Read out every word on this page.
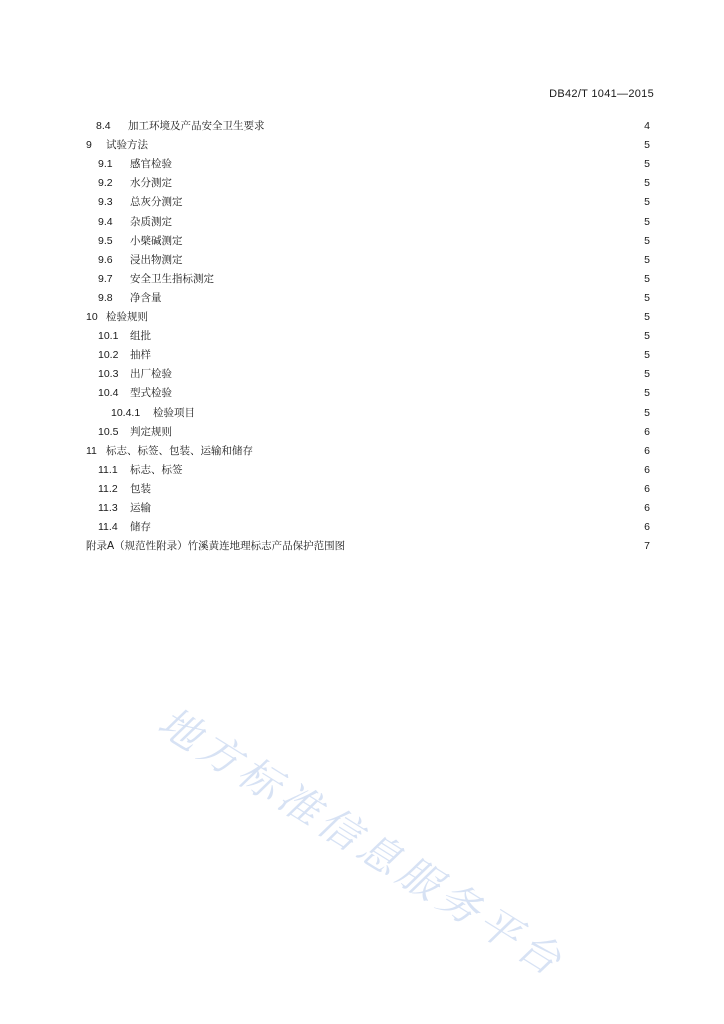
DB42/T 1041—2015
8.4	加工环境及产品安全卫生要求	4
9	试验方法	5
9.1	感官检验	5
9.2	水分测定	5
9.3	总灰分测定	5
9.4	杂质测定	5
9.5	小檗碱测定	5
9.6	浸出物测定	5
9.7	安全卫生指标测定	5
9.8	净含量	5
10 检验规则	5
10.1	组批	5
10.2	抽样	5
10.3	出厂检验	5
10.4	型式检验	5
10.4.1	检验项目	5
10.5	判定规则	6
11 标志、标签、包装、运输和储存	6
11.1	标志、标签	6
11.2	包装	6
11.3	运输	6
11.4	储存	6
附录A（规范性附录）竹溪黄连地理标志产品保护范围图	7
地方标准信息服务平台
